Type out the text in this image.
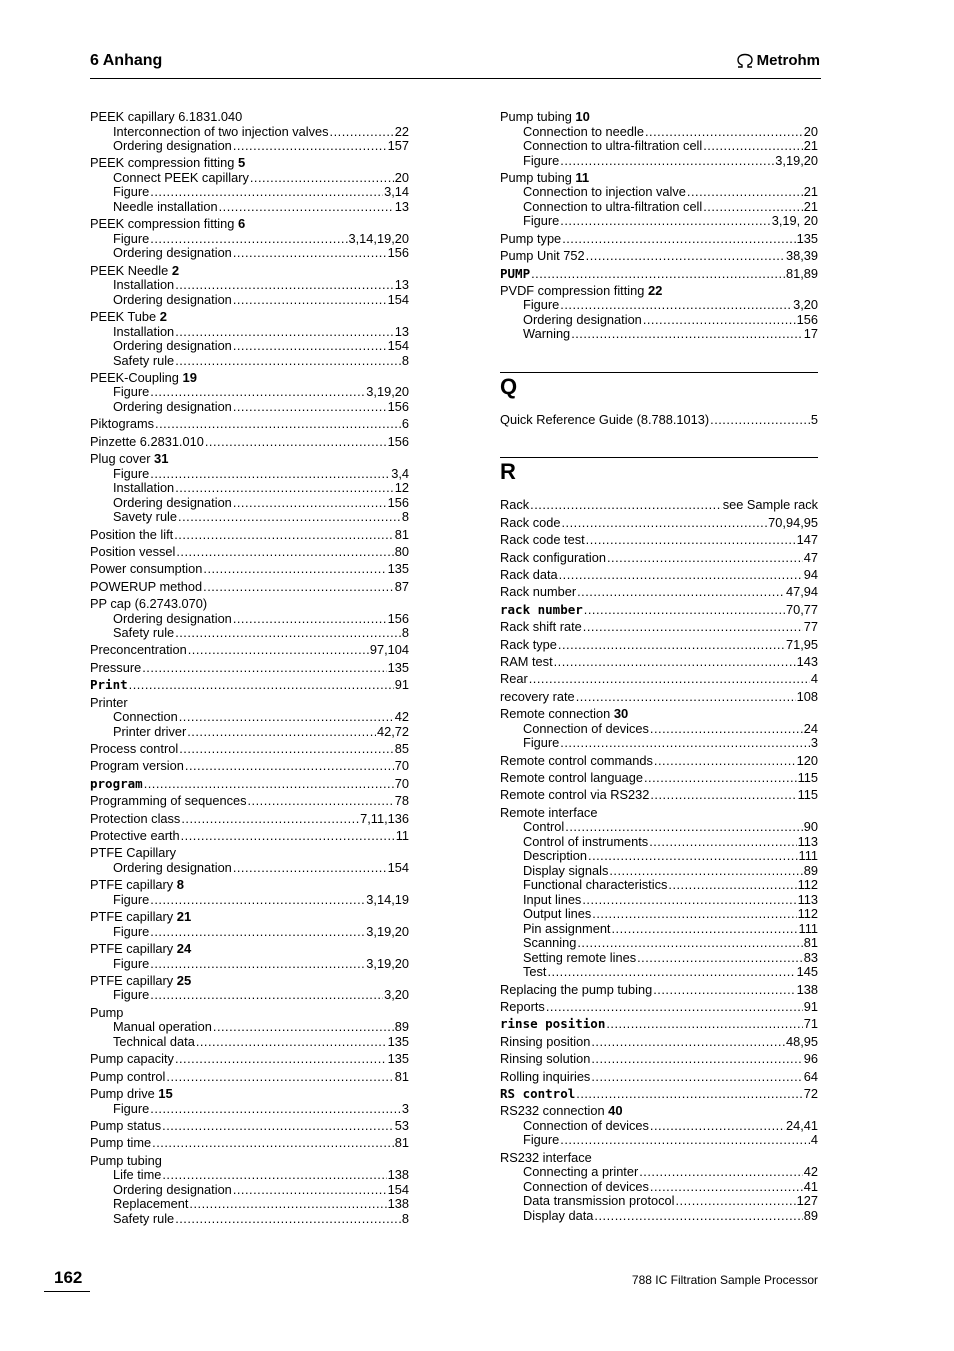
6 Anhang	Metrohm
PEEK capillary 6.1831.040
Interconnection of two injection valves .....	22
Ordering designation .....	157
PEEK compression fitting 5
Connect PEEK capillary .....	20
Figure .....	3,14
Needle installation .....	13
PEEK compression fitting 6
Figure .....	3,14,19,20
Ordering designation .....	156
PEEK Needle 2
Installation .....	13
Ordering designation .....	154
PEEK Tube 2
Installation .....	13
Ordering designation .....	154
Safety rule .....	8
PEEK-Coupling 19
Figure .....	3,19,20
Ordering designation .....	156
Piktograms .....	6
Pinzette 6.2831.010 .....	156
Plug cover 31
Figure .....	3,4
Installation .....	12
Ordering designation .....	156
Savety rule .....	8
Position the lift .....	81
Position vessel .....	80
Power consumption .....	135
POWERUP method .....	87
PP cap (6.2743.070)
Ordering designation .....	156
Safety rule .....	8
Preconcentration .....	97,104
Pressure .....	135
Print .....	91
Printer
Connection .....	42
Printer driver .....	42,72
Process control .....	85
Program version .....	70
program .....	70
Programming of sequences .....	78
Protection class .....	7,11,136
Protective earth .....	11
PTFE Capillary
Ordering designation .....	154
PTFE capillary 8
Figure .....	3,14,19
PTFE capillary 21
Figure .....	3,19,20
PTFE capillary 24
Figure .....	3,19,20
PTFE capillary 25
Figure .....	3,20
Pump
Manual operation .....	89
Technical data .....	135
Pump capacity .....	135
Pump control .....	81
Pump drive 15
Figure .....	3
Pump status .....	53
Pump time .....	81
Pump tubing
Life time .....	138
Ordering designation .....	154
Replacement .....	138
Safety rule .....	8
Pump tubing 10
Connection to needle .....	20
Connection to ultra-filtration cell .....	21
Figure .....	3,19,20
Pump tubing 11
Connection to injection valve .....	21
Connection to ultra-filtration cell .....	21
Figure .....	3,19, 20
Pump type .....	135
Pump Unit 752 .....	38,39
PUMP .....	81,89
PVDF compression fitting 22
Figure .....	3,20
Ordering designation .....	156
Warning .....	17
Q
Quick Reference Guide (8.788.1013) .....	5
R
Rack .....	see Sample rack
Rack code .....	70,94,95
Rack code test .....	147
Rack configuration .....	47
Rack data .....	94
Rack number .....	47,94
rack number .....	70,77
Rack shift rate .....	77
Rack type .....	71,95
RAM test .....	143
Rear .....	4
recovery rate .....	108
Remote connection 30
Connection of devices .....	24
Figure .....	3
Remote control commands .....	120
Remote control language .....	115
Remote control via RS232 .....	115
Remote interface
Control .....	90
Control of instruments .....	113
Description .....	111
Display signals .....	89
Functional characteristics .....	112
Input lines .....	113
Output lines .....	112
Pin assignment .....	111
Scanning .....	81
Setting remote lines .....	83
Test .....	145
Replacing the pump tubing .....	138
Reports .....	91
rinse position .....	71
Rinsing position .....	48,95
Rinsing solution .....	96
Rolling inquiries .....	64
RS control .....	72
RS232 connection 40
Connection of devices .....	24,41
Figure .....	4
RS232 interface
Connecting a printer .....	42
Connection of devices .....	41
Data transmission protocol .....	127
Display data .....	89
162	788 IC Filtration Sample Processor
